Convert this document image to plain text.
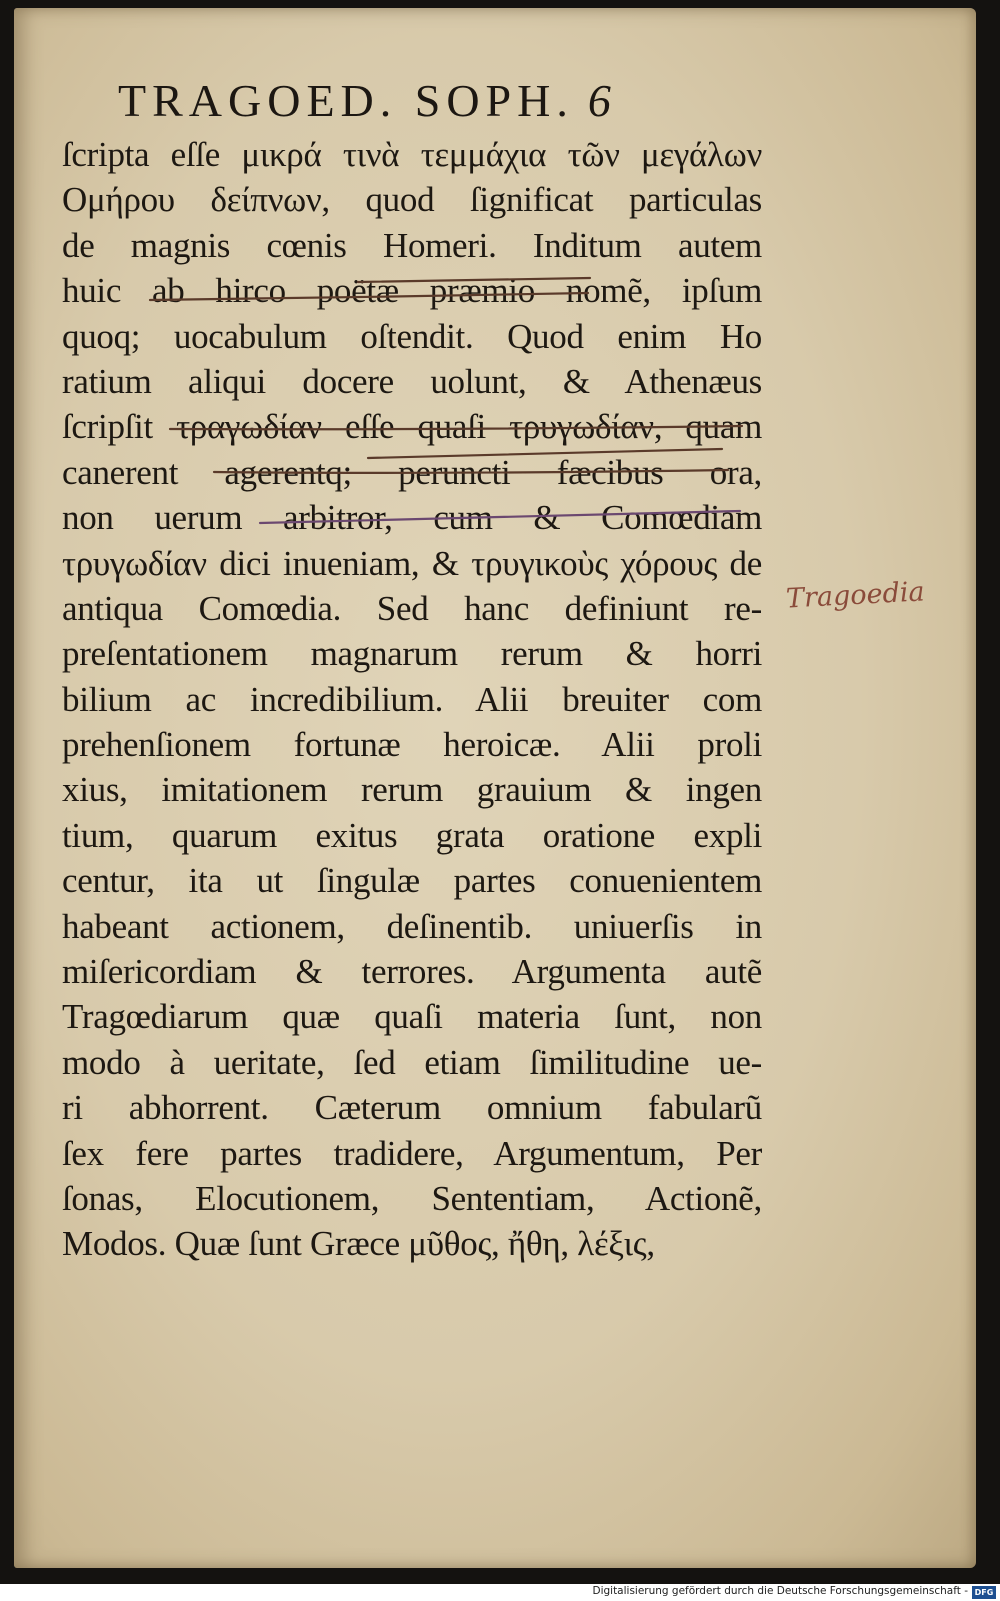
TRAGOED. SOPH. 6
ſcripta eſſe μικρά τινὰ τεμμάχια τῶν μεγάλων
Ομήρου δείπνων, quod ſignificat particulas
de magnis cœnis Homeri. Inditum autem
huic ab hirco poëtæ præmio nomẽ, ipſum
quoq; uocabulum oſtendit. Quod enim Ho
ratium aliqui docere uolunt, & Athenæus
ſcripſit τραγωδίαν eſſe quaſi τρυγωδίαν, quam
canerent agerentq; peruncti fæcibus ora,
non uerum arbitror, cum & Comœdiam
τρυγωδίαν dici inueniam, & τρυγικοὺς χόρους de
antiqua Comœdia. Sed hanc definiunt re-
preſentationem magnarum rerum & horri
bilium ac incredibilium. Alii breuiter com
prehenſionem fortunæ heroicæ. Alii proli
xius, imitationem rerum grauium & ingen
tium, quarum exitus grata oratione expli
centur, ita ut ſingulæ partes conuenientem
habeant actionem, deſinentib. uniuerſis in
miſericordiam & terrores. Argumenta autẽ
Tragœdiarum quæ quaſi materia ſunt, non
modo à ueritate, ſed etiam ſimilitudine ue-
ri abhorrent. Cæterum omnium fabularũ
ſex fere partes tradidere, Argumentum, Per
ſonas, Elocutionem, Sententiam, Actionẽ,
Modos. Quæ ſunt Græce μῦθος, ἤθη, λέξις,
Tragoedia
Digitalisierung gefördert durch die Deutsche Forschungsgemeinschaft - DFG
